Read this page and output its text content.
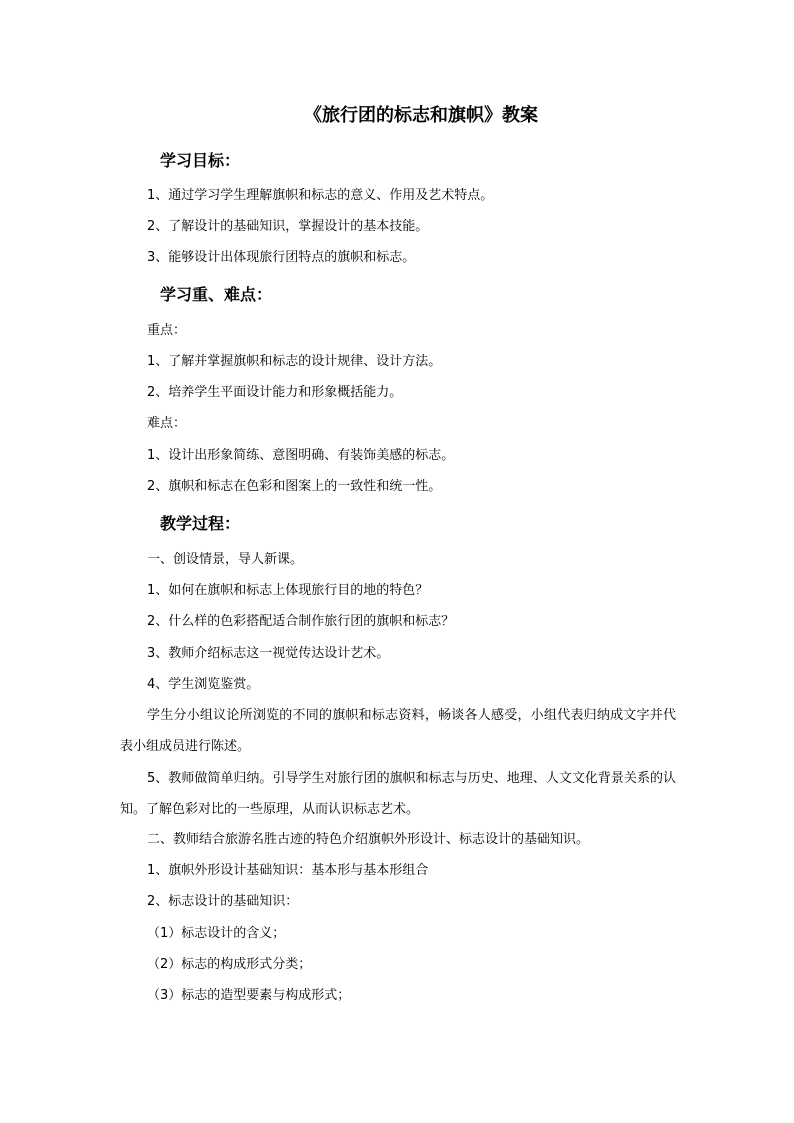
《旅行团的标志和旗帜》教案
学习目标：
1、通过学习学生理解旗帜和标志的意义、作用及艺术特点。
2、了解设计的基础知识，掌握设计的基本技能。
3、能够设计出体现旅行团特点的旗帜和标志。
学习重、难点：
重点：
1、了解并掌握旗帜和标志的设计规律、设计方法。
2、培养学生平面设计能力和形象概括能力。
难点：
1、设计出形象简练、意图明确、有装饰美感的标志。
2、旗帜和标志在色彩和图案上的一致性和统一性。
教学过程：
一、创设情景，导人新课。
1、如何在旗帜和标志上体现旅行目的地的特色？
2、什么样的色彩搭配适合制作旅行团的旗帜和标志？
3、教师介绍标志这一视觉传达设计艺术。
4、学生浏览鉴赏。
学生分小组议论所浏览的不同的旗帜和标志资料，畅谈各人感受，小组代表归纳成文字并代表小组成员进行陈述。
5、教师做简单归纳。引导学生对旅行团的旗帜和标志与历史、地理、人文文化背景关系的认知。了解色彩对比的一些原理，从而认识标志艺术。
二、教师结合旅游名胜古迹的特色介绍旗帜外形设计、标志设计的基础知识。
1、旗帜外形设计基础知识：基本形与基本形组合
2、标志设计的基础知识：
（1）标志设计的含义；
（2）标志的构成形式分类；
（3）标志的造型要素与构成形式；
